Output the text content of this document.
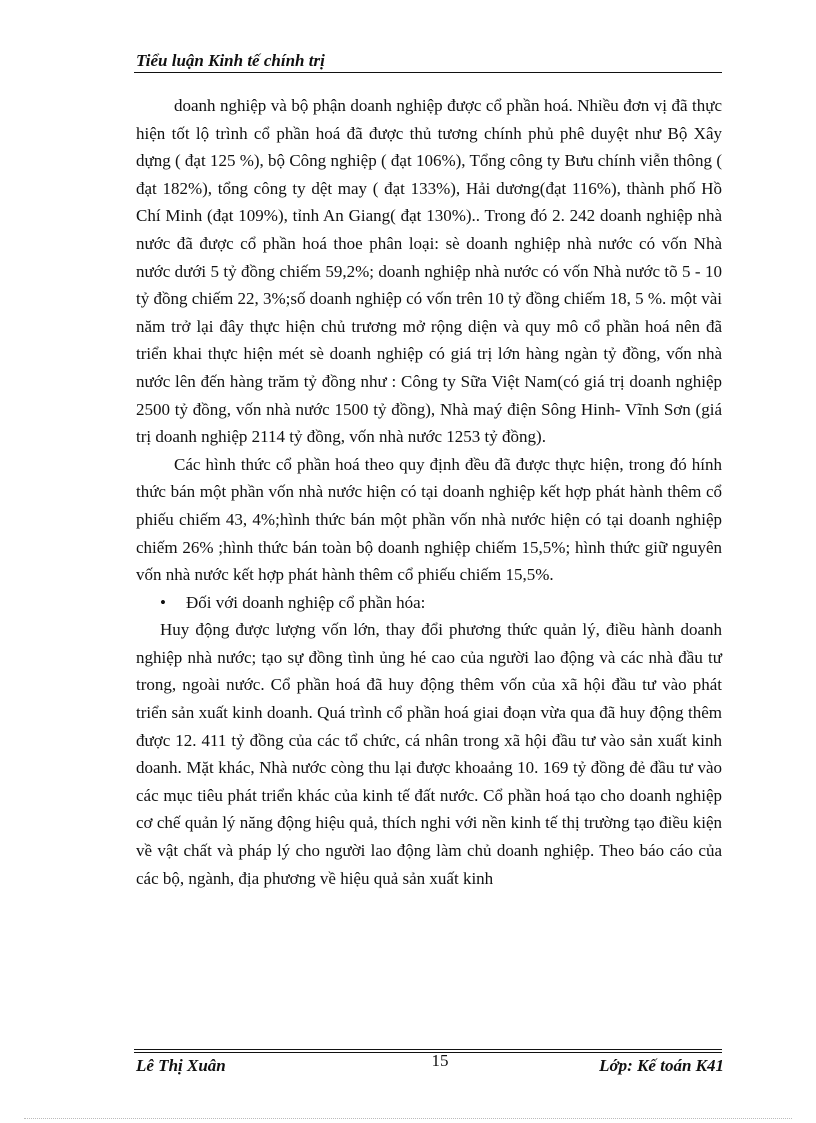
Tiểu luận Kinh tế chính trị

doanh nghiệp và bộ phận doanh nghiệp được cổ phần hoá. Nhiều đơn vị đã thực hiện tốt lộ trình cổ phần hoá đã được thủ tương chính phủ phê duyệt như Bộ Xây dựng ( đạt 125 %), bộ Công nghiệp ( đạt 106%), Tổng công ty Bưu chính viễn thông ( đạt 182%), tổng công ty dệt may ( đạt 133%), Hải dương(đạt 116%), thành phố Hồ Chí Minh (đạt 109%), tỉnh An Giang( đạt 130%).. Trong đó 2. 242 doanh nghiệp nhà nước đã được cổ phần hoá thoe phân loại: sè doanh nghiệp nhà nước có vốn Nhà nước dưới 5 tỷ đồng chiếm 59,2%; doanh nghiệp nhà nước có vốn Nhà nước tõ 5 - 10 tỷ đồng chiếm 22, 3%;số doanh nghiệp có vốn trên 10 tỷ đồng chiếm 18, 5 %. một vài năm trở lại đây thực hiện chủ trương mở rộng diện và quy mô cổ phần hoá nên đã triển khai thực hiện mét sè doanh nghiệp có giá trị lớn hàng ngàn tỷ đồng, vốn nhà nước lên đến hàng trăm tỷ đồng như : Công ty Sữa Việt Nam(có giá trị doanh nghiệp 2500 tỷ đồng, vốn nhà nước 1500 tỷ đồng), Nhà maý điện Sông Hinh- Vĩnh Sơn (giá trị doanh nghiệp 2114 tỷ đồng, vốn nhà nước 1253 tỷ đồng).

Các hình thức cổ phần hoá theo quy định đều đã được thực hiện, trong đó hính thức bán một phần vốn nhà nước hiện có tại doanh nghiệp kết hợp phát hành thêm cổ phiếu chiếm 43, 4%;hình thức bán một phần vốn nhà nước hiện có tại doanh nghiệp chiếm 26% ;hình thức bán toàn bộ doanh nghiệp chiếm 15,5%; hình thức giữ nguyên vốn nhà nước kết hợp phát hành thêm cổ phiếu chiếm 15,5%.

• Đối với doanh nghiệp cổ phần hóa:

Huy động được lượng vốn lớn, thay đổi phương thức quản lý, điều hành doanh nghiệp nhà nước; tạo sự đồng tình ủng hé cao của người lao động và các nhà đầu tư trong, ngoài nước. Cổ phần hoá đã huy động thêm vốn của xã hội đầu tư vào phát triển sản xuất kinh doanh. Quá trình cổ phần hoá giai đoạn vừa qua đã huy động thêm được 12. 411 tỷ đồng của các tổ chức, cá nhân trong xã hội đầu tư vào sản xuất kinh doanh. Mặt khác, Nhà nước còng thu lại được khoaảng 10. 169 tỷ đồng đẻ đầu tư vào các mục tiêu phát triển khác của kinh tế đất nước. Cổ phần hoá tạo cho doanh nghiệp cơ chế quản lý năng động hiệu quả, thích nghi với nền kinh tế thị trường tạo điều kiện về vật chất và pháp lý cho người lao động làm chủ doanh nghiệp. Theo báo cáo của các bộ, ngành, địa phương về hiệu quả sản xuất kinh

Lê Thị Xuân	15	Lớp: Kế toán K41
